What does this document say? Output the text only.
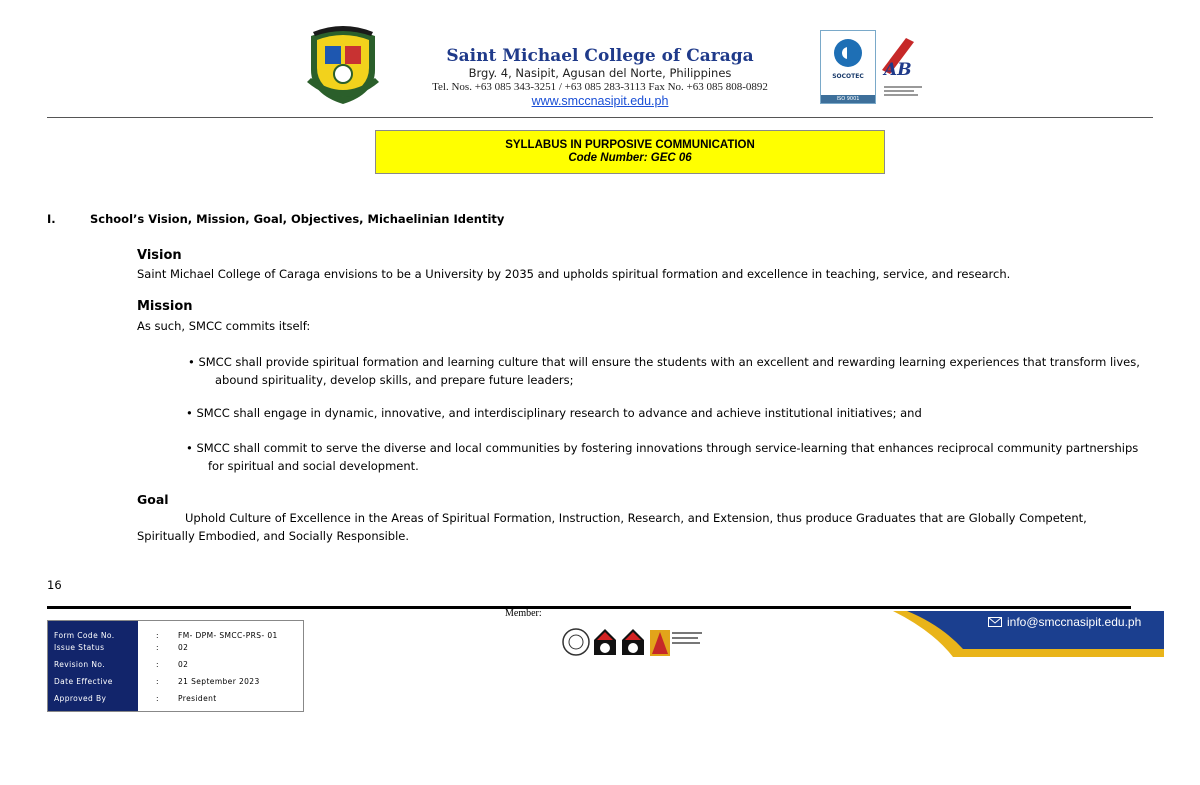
Saint Michael College of Caraga
Brgy. 4, Nasipit, Agusan del Norte, Philippines
Tel. Nos. +63 085 343-3251 / +63 085 283-3113 Fax No. +63 085 808-0892
www.smccnasipit.edu.ph
SOCOTEC
ISO 9001
AB
SYLLABUS IN PURPOSIVE COMMUNICATION
Code Number: GEC 06
I.	School’s Vision, Mission, Goal, Objectives, Michaelinian Identity
Vision
Saint Michael College of Caraga envisions to be a University by 2035 and upholds spiritual formation and excellence in teaching, service, and research.
Mission
As such, SMCC commits itself:
• SMCC shall provide spiritual formation and learning culture that will ensure the students with an excellent and rewarding learning experiences that transform lives,
abound spirituality, develop skills, and prepare future leaders;
• SMCC shall engage in dynamic, innovative, and interdisciplinary research to advance and achieve institutional initiatives; and
• SMCC shall commit to serve the diverse and local communities by fostering innovations through service-learning that enhances reciprocal community partnerships
for spiritual and social development.
Goal
Uphold Culture of Excellence in the Areas of Spiritual Formation, Instruction, Research, and Extension, thus produce Graduates that are Globally Competent, Spiritually Embodied, and Socially Responsible.
16
Member:
info@smccnasipit.edu.ph
Form Code No.	:	FM- DPM- SMCC-PRS- 01
Issue Status	:	02
Revision No.	:	02
Date Effective	:	21 September 2023
Approved By	:	President
